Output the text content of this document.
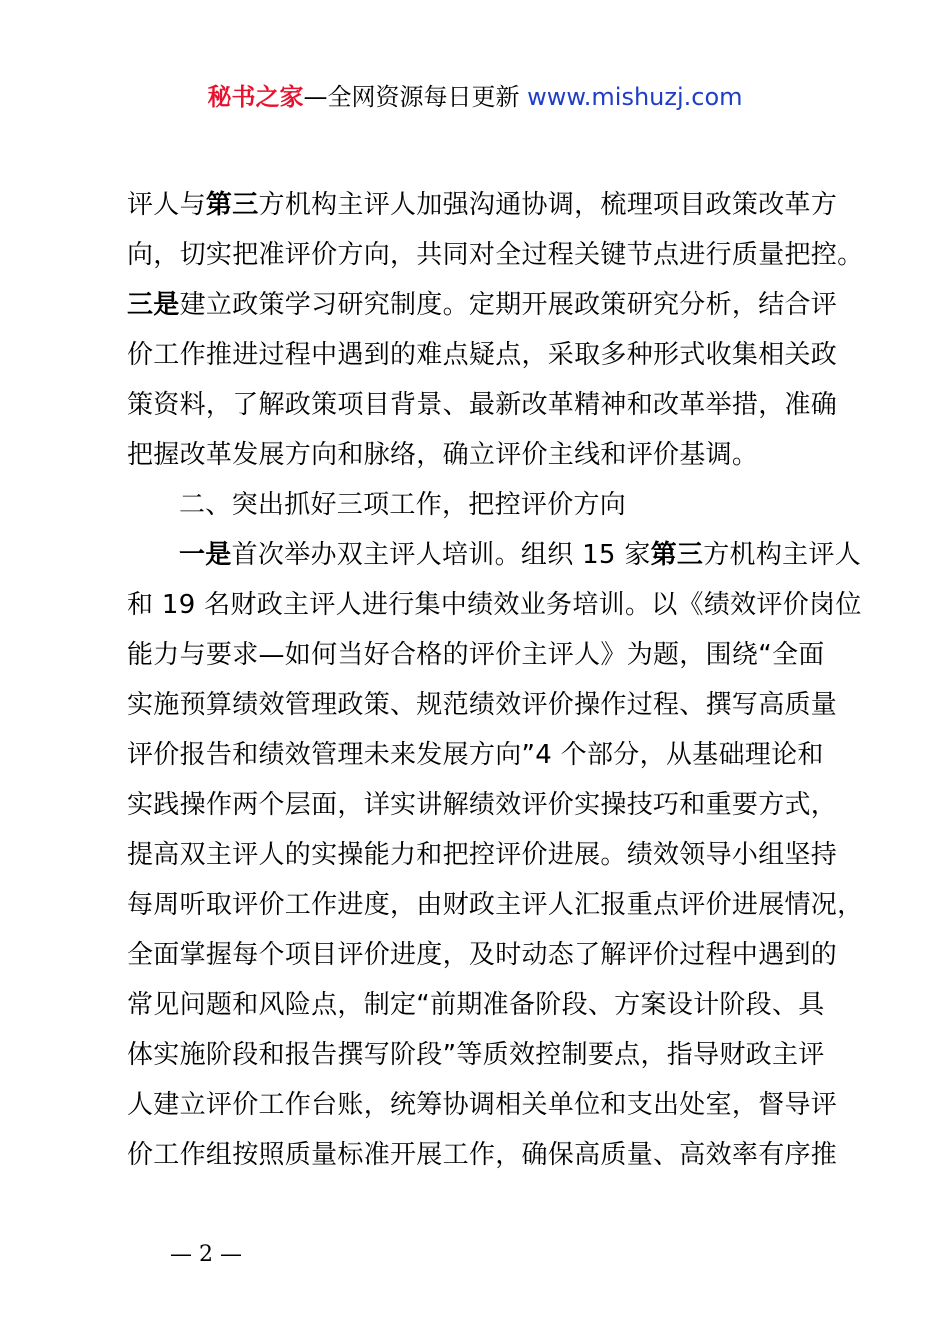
秘书之家—全网资源每日更新 www.mishuzj.com
评人与第三方机构主评人加强沟通协调，梳理项目政策改革方
向，切实把准评价方向，共同对全过程关键节点进行质量把控。
三是建立政策学习研究制度。定期开展政策研究分析，结合评
价工作推进过程中遇到的难点疑点，采取多种形式收集相关政
策资料，了解政策项目背景、最新改革精神和改革举措，准确
把握改革发展方向和脉络，确立评价主线和评价基调。
二、突出抓好三项工作，把控评价方向
一是首次举办双主评人培训。组织 15 家第三方机构主评人
和 19 名财政主评人进行集中绩效业务培训。以《绩效评价岗位
能力与要求—如何当好合格的评价主评人》为题，围绕“全面
实施预算绩效管理政策、规范绩效评价操作过程、撰写高质量
评价报告和绩效管理未来发展方向”4 个部分，从基础理论和
实践操作两个层面，详实讲解绩效评价实操技巧和重要方式，
提高双主评人的实操能力和把控评价进展。绩效领导小组坚持
每周听取评价工作进度，由财政主评人汇报重点评价进展情况，
全面掌握每个项目评价进度，及时动态了解评价过程中遇到的
常见问题和风险点，制定“前期准备阶段、方案设计阶段、具
体实施阶段和报告撰写阶段”等质效控制要点，指导财政主评
人建立评价工作台账，统筹协调相关单位和支出处室，督导评
价工作组按照质量标准开展工作，确保高质量、高效率有序推
— 2 —
